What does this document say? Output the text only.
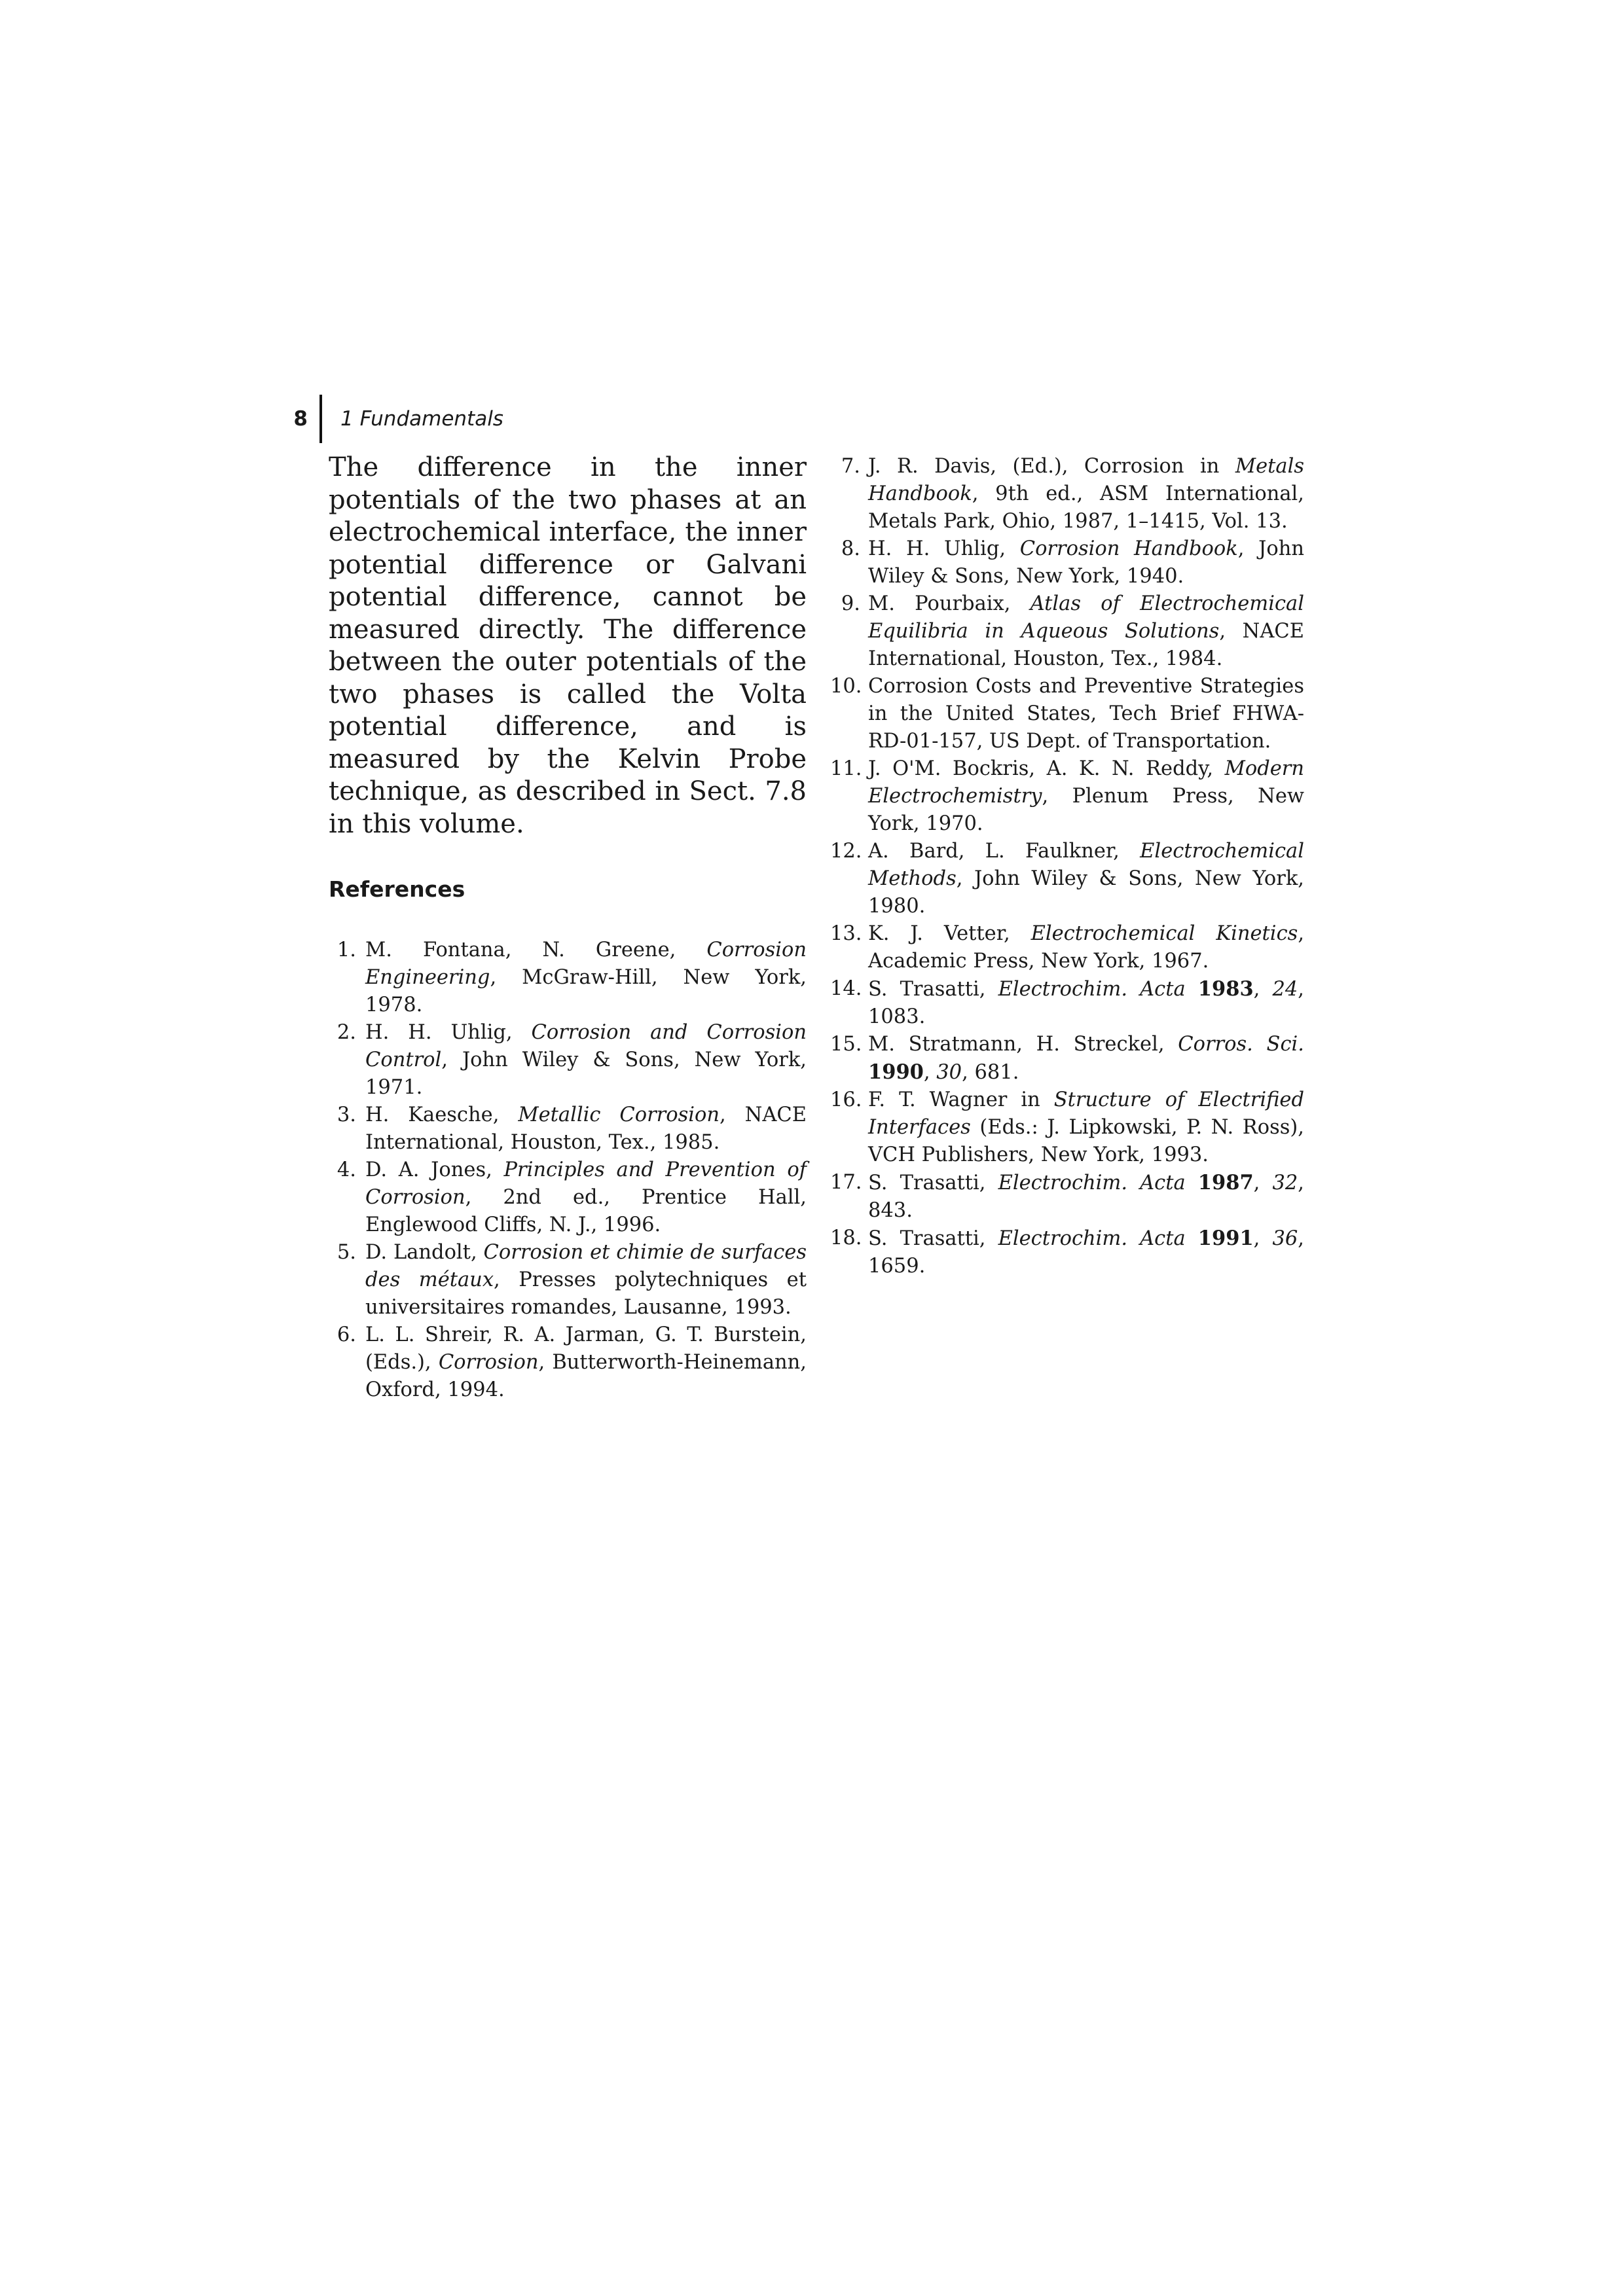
8 1 Fundamentals

The difference in the inner potentials of the two phases at an electrochemical interface, the inner potential difference or Galvani potential difference, cannot be measured directly. The difference between the outer potentials of the two phases is called the Volta potential difference, and is measured by the Kelvin Probe technique, as described in Sect. 7.8 in this volume.

References
1. M. Fontana, N. Greene, Corrosion Engineering, McGraw-Hill, New York, 1978.
2. H. H. Uhlig, Corrosion and Corrosion Control, John Wiley & Sons, New York, 1971.
3. H. Kaesche, Metallic Corrosion, NACE International, Houston, Tex., 1985.
4. D. A. Jones, Principles and Prevention of Corrosion, 2nd ed., Prentice Hall, Englewood Cliffs, N. J., 1996.
5. D. Landolt, Corrosion et chimie de surfaces des métaux, Presses polytechniques et universitaires romandes, Lausanne, 1993.
6. L. L. Shreir, R. A. Jarman, G. T. Burstein, (Eds.), Corrosion, Butterworth-Heinemann, Oxford, 1994.
7. J. R. Davis, (Ed.), Corrosion in Metals Handbook, 9th ed., ASM International, Metals Park, Ohio, 1987, 1–1415, Vol. 13.
8. H. H. Uhlig, Corrosion Handbook, John Wiley & Sons, New York, 1940.
9. M. Pourbaix, Atlas of Electrochemical Equilibria in Aqueous Solutions, NACE International, Houston, Tex., 1984.
10. Corrosion Costs and Preventive Strategies in the United States, Tech Brief FHWA-RD-01-157, US Dept. of Transportation.
11. J. O'M. Bockris, A. K. N. Reddy, Modern Electrochemistry, Plenum Press, New York, 1970.
12. A. Bard, L. Faulkner, Electrochemical Methods, John Wiley & Sons, New York, 1980.
13. K. J. Vetter, Electrochemical Kinetics, Academic Press, New York, 1967.
14. S. Trasatti, Electrochim. Acta 1983, 24, 1083.
15. M. Stratmann, H. Streckel, Corros. Sci. 1990, 30, 681.
16. F. T. Wagner in Structure of Electrified Interfaces (Eds.: J. Lipkowski, P. N. Ross), VCH Publishers, New York, 1993.
17. S. Trasatti, Electrochim. Acta 1987, 32, 843.
18. S. Trasatti, Electrochim. Acta 1991, 36, 1659.
